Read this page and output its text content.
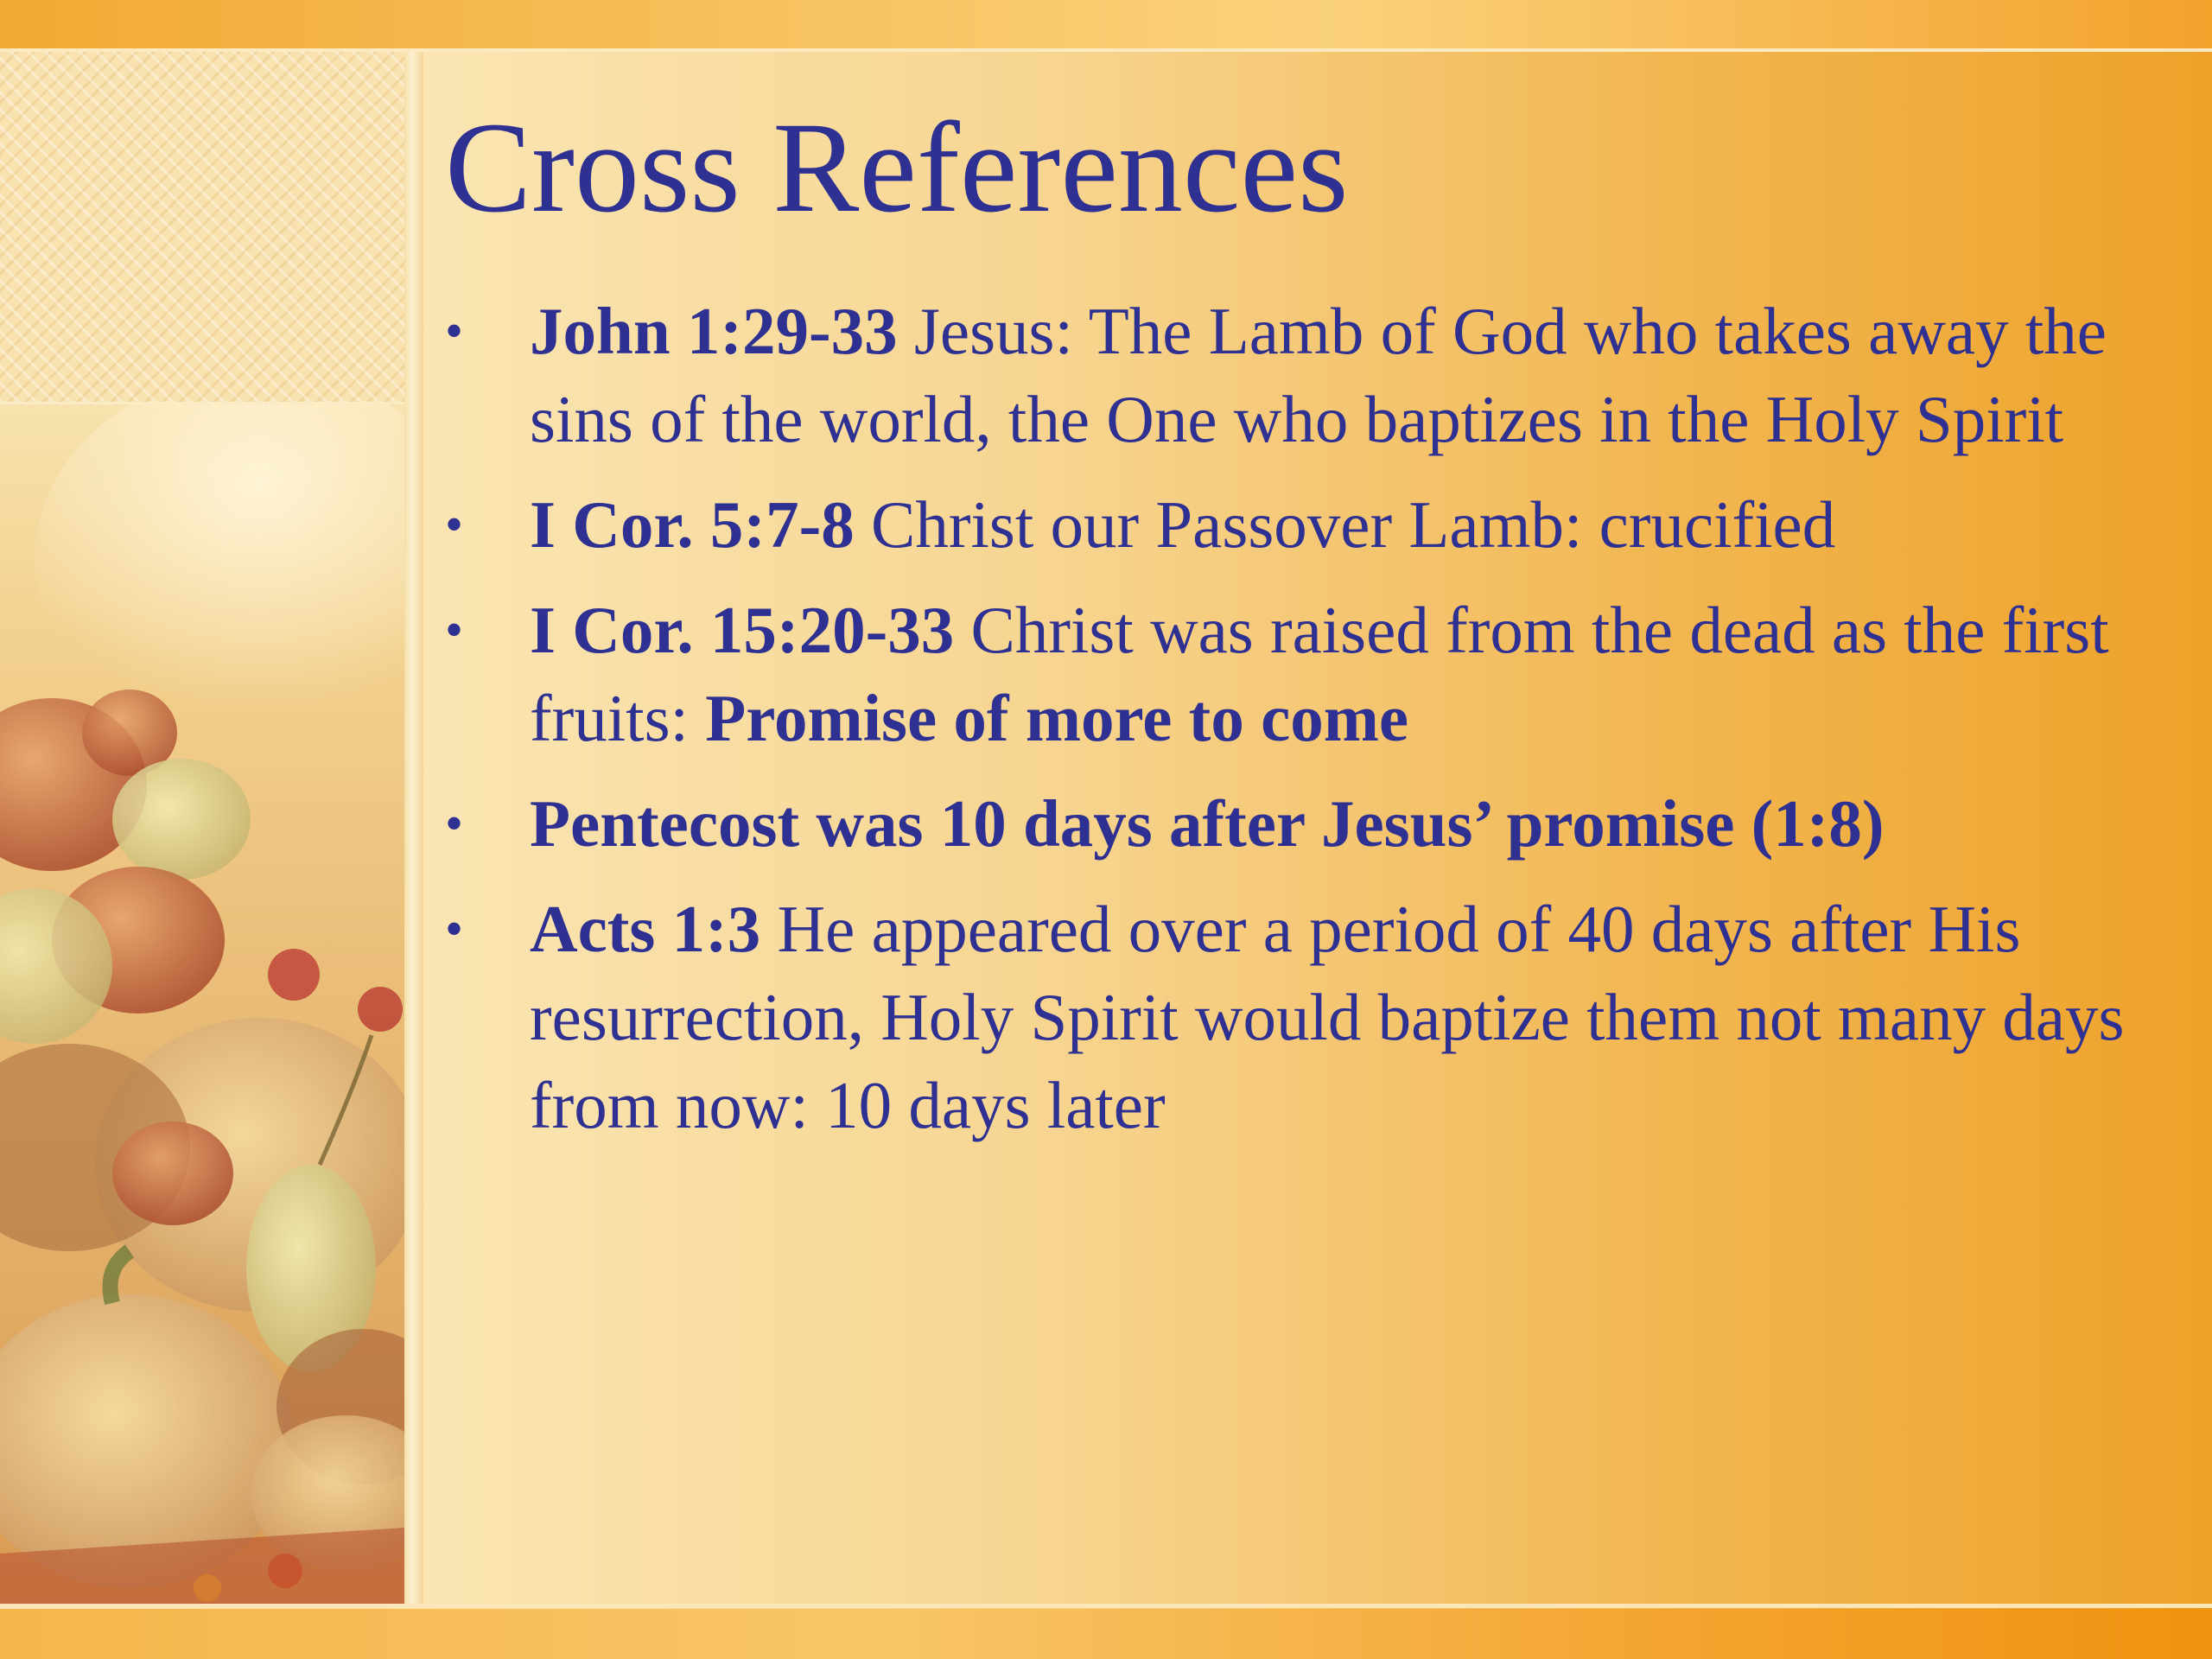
Cross References
• John 1:29-33 Jesus: The Lamb of God who takes away the sins of the world, the One who baptizes in the Holy Spirit
• I Cor. 5:7-8 Christ our Passover Lamb: crucified
• I Cor. 15:20-33 Christ was raised from the dead as the first fruits: Promise of more to come
• Pentecost was 10 days after Jesus’ promise (1:8)
• Acts 1:3 He appeared over a period of 40 days after His resurrection, Holy Spirit would baptize them not many days from now: 10 days later
